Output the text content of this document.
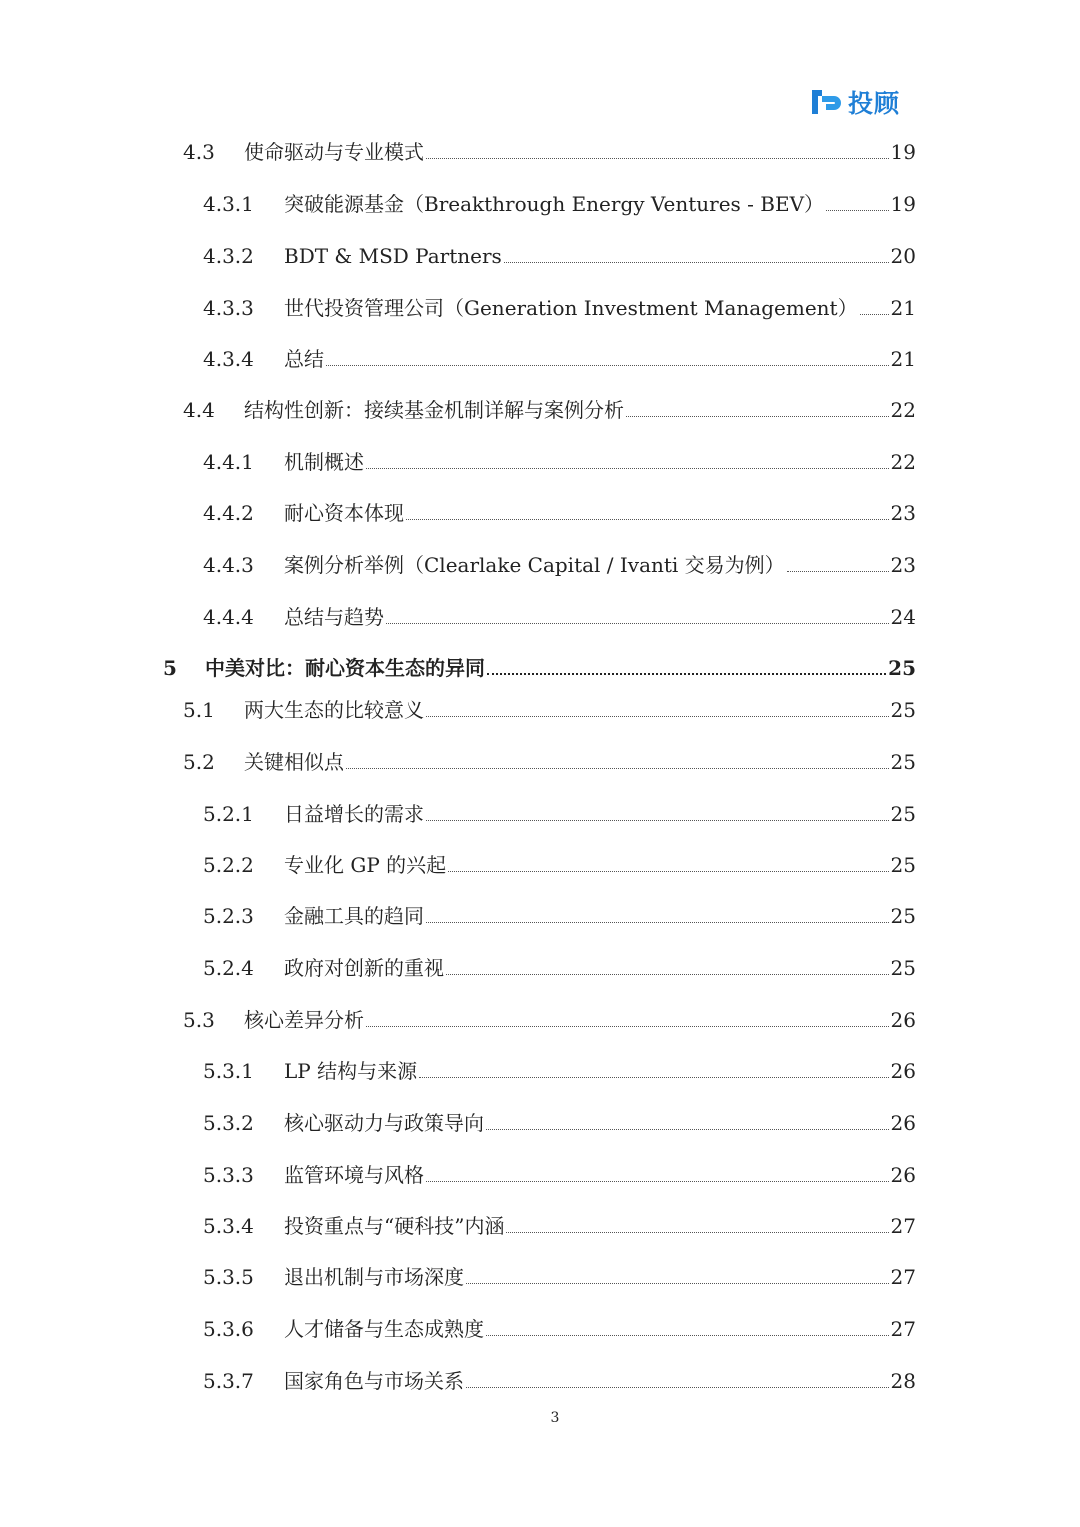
投顾
4.3 使命驱动与专业模式	19
4.3.1 突破能源基金（Breakthrough Energy Ventures - BEV）	19
4.3.2 BDT & MSD Partners	20
4.3.3 世代投资管理公司（Generation Investment Management） 21
4.3.4 总结	21
4.4 结构性创新：接续基金机制详解与案例分析	22
4.4.1 机制概述	22
4.4.2 耐心资本体现	23
4.4.3 案例分析举例（Clearlake Capital / Ivanti 交易为例）	23
4.4.4 总结与趋势	24
5 中美对比：耐心资本生态的异同	25
5.1 两大生态的比较意义	25
5.2 关键相似点	25
5.2.1 日益增长的需求	25
5.2.2 专业化 GP 的兴起	25
5.2.3 金融工具的趋同	25
5.2.4 政府对创新的重视	25
5.3 核心差异分析	26
5.3.1 LP 结构与来源	26
5.3.2 核心驱动力与政策导向	26
5.3.3 监管环境与风格	26
5.3.4 投资重点与“硬科技”内涵	27
5.3.5 退出机制与市场深度	27
5.3.6 人才储备与生态成熟度	27
5.3.7 国家角色与市场关系	28
3
